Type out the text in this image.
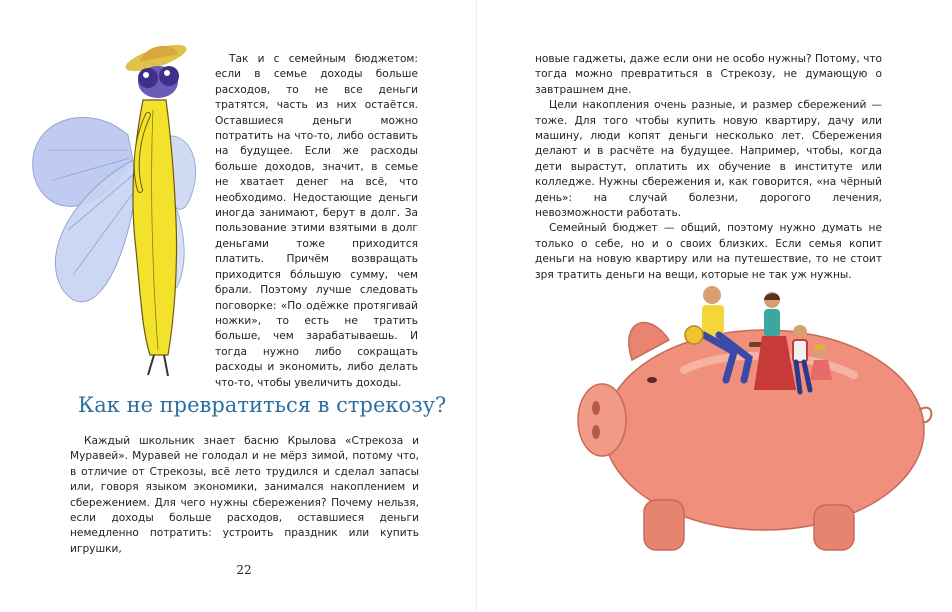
Так и с семейным бюджетом: если в семье доходы больше расходов, то не все деньги тратятся, часть из них остаётся. Оставшиеся деньги можно потратить на что-то, либо оставить на будущее. Если же расходы больше доходов, значит, в семье не хватает денег на всё, что необходимо. Недостающие деньги иногда занимают, берут в долг. За пользование этими взятыми в долг деньгами тоже приходится платить. Причём возвращать приходится бо́льшую сумму, чем брали. Поэтому лучше следовать поговорке: «По одёжке протягивай ножки», то есть не тратить больше, чем зарабатываешь. И тогда нужно либо сокращать расходы и экономить, либо делать что-то, чтобы увеличить доходы.

Как не превратиться в стрекозу?

Каждый школьник знает басню Крылова «Стрекоза и Муравей». Муравей не голодал и не мёрз зимой, потому что, в отличие от Стрекозы, всё лето трудился и сделал запасы или, говоря языком экономики, занимался накоплением и сбережением. Для чего нужны сбережения? Почему нельзя, если доходы больше расходов, оставшиеся деньги немедленно потратить: устроить праздник или купить игрушки,

22

новые гаджеты, даже если они не особо нужны? Потому, что тогда можно превратиться в Стрекозу, не думающую о завтрашнем дне.

Цели накопления очень разные, и размер сбережений — тоже. Для того чтобы купить новую квартиру, дачу или машину, люди копят деньги несколько лет. Сбережения делают и в расчёте на будущее. Например, чтобы, когда дети вырастут, оплатить их обучение в институте или колледже. Нужны сбережения и, как говорится, «на чёрный день»: на случай болезни, дорогого лечения, невозможности работать.

Семейный бюджет — общий, поэтому нужно думать не только о себе, но и о своих близких. Если семья копит деньги на новую квартиру или на путешествие, то не стоит зря тратить деньги на вещи, которые не так уж нужны.
